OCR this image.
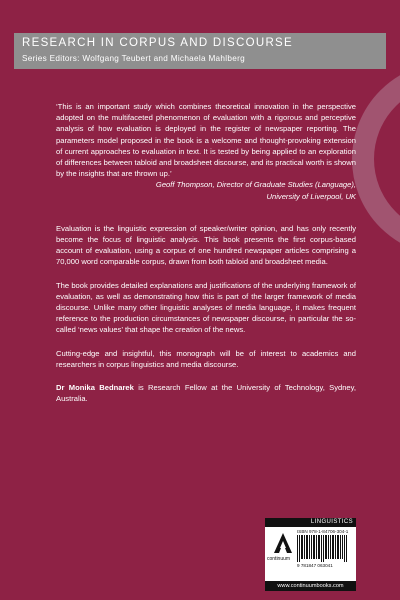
RESEARCH IN CORPUS AND DISCOURSE
Series Editors: Wolfgang Teubert and Michaela Mahlberg

‘This is an important study which combines theoretical innovation in the perspective adopted on the multifaceted phenomenon of evaluation with a rigorous and perceptive analysis of how evaluation is deployed in the register of newspaper reporting. The parameters model proposed in the book is a welcome and thought-provoking extension of current approaches to evaluation in text. It is tested by being applied to an exploration of differences between tabloid and broadsheet discourse, and its practical worth is shown by the insights that are thrown up.’

Geoff Thompson, Director of Graduate Studies (Language),

University of Liverpool, UK

Evaluation is the linguistic expression of speaker/writer opinion, and has only recently become the focus of linguistic analysis. This book presents the first corpus-based account of evaluation, using a corpus of one hundred newspaper articles comprising a 70,000 word comparable corpus, drawn from both tabloid and broadsheet media.

The book provides detailed explanations and justifications of the underlying framework of evaluation, as well as demonstrating how this is part of the larger framework of media discourse. Unlike many other linguistic analyses of media language, it makes frequent reference to the production circumstances of newspaper discourse, in particular the so-called ‘news values’ that shape the creation of the news.

Cutting-edge and insightful, this monograph will be of interest to academics and researchers in corpus linguistics and media discourse.

Dr Monika Bednarek is Research Fellow at the University of Technology, Sydney, Australia.

LINGUISTICS
continuum
ISBN 978-1-84706-304-1
9 781847 063041
www.continuumbooks.com
